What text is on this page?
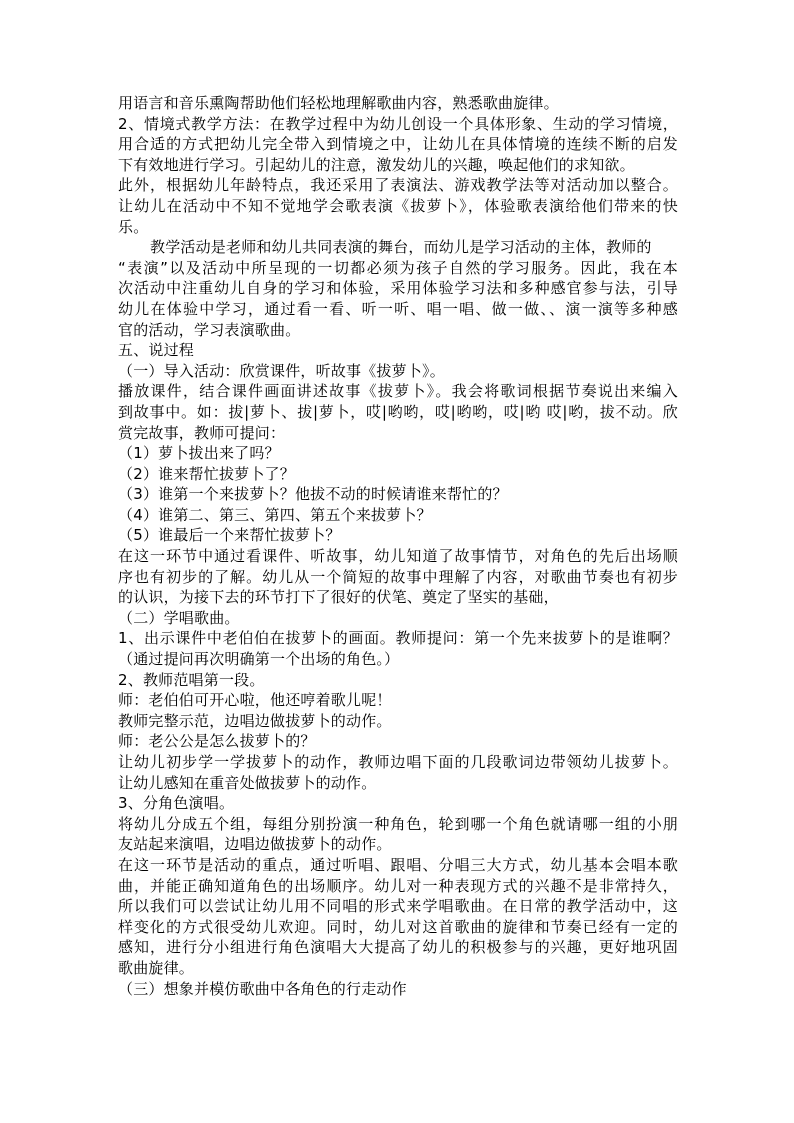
用语言和音乐熏陶帮助他们轻松地理解歌曲内容，熟悉歌曲旋律。
2、情境式教学方法：在教学过程中为幼儿创设一个具体形象、生动的学习情境，
用合适的方式把幼儿完全带入到情境之中，让幼儿在具体情境的连续不断的启发
下有效地进行学习。引起幼儿的注意，激发幼儿的兴趣，唤起他们的求知欲。
此外，根据幼儿年龄特点，我还采用了表演法、游戏教学法等对活动加以整合。
让幼儿在活动中不知不觉地学会歌表演《拔萝卜》，体验歌表演给他们带来的快
乐。
教学活动是老师和幼儿共同表演的舞台，而幼儿是学习活动的主体，教师的
“表演”以及活动中所呈现的一切都必须为孩子自然的学习服务。因此，我在本
次活动中注重幼儿自身的学习和体验，采用体验学习法和多种感官参与法，引导
幼儿在体验中学习，通过看一看、听一听、唱一唱、做一做、、演一演等多种感
官的活动，学习表演歌曲。
五、说过程
（一）导入活动：欣赏课件，听故事《拔萝卜》。
播放课件，结合课件画面讲述故事《拔萝卜》。我会将歌词根据节奏说出来编入
到故事中。如：拔|萝卜、拔|萝卜，哎|哟哟，哎|哟哟，哎|哟 哎|哟，拔不动。欣
赏完故事，教师可提问：
（1）萝卜拔出来了吗？
（2）谁来帮忙拔萝卜了？
（3）谁第一个来拔萝卜？他拔不动的时候请谁来帮忙的？
（4）谁第二、第三、第四、第五个来拔萝卜？
（5）谁最后一个来帮忙拔萝卜？
在这一环节中通过看课件、听故事，幼儿知道了故事情节，对角色的先后出场顺
序也有初步的了解。幼儿从一个简短的故事中理解了内容，对歌曲节奏也有初步
的认识，为接下去的环节打下了很好的伏笔、奠定了坚实的基础，
（二）学唱歌曲。
1、出示课件中老伯伯在拔萝卜的画面。教师提问：第一个先来拔萝卜的是谁啊？
（通过提问再次明确第一个出场的角色。）
2、教师范唱第一段。
师：老伯伯可开心啦，他还哼着歌儿呢！
教师完整示范，边唱边做拔萝卜的动作。
师：老公公是怎么拔萝卜的？
让幼儿初步学一学拔萝卜的动作，教师边唱下面的几段歌词边带领幼儿拔萝卜。
让幼儿感知在重音处做拔萝卜的动作。
3、分角色演唱。
将幼儿分成五个组，每组分别扮演一种角色，轮到哪一个角色就请哪一组的小朋
友站起来演唱，边唱边做拔萝卜的动作。
在这一环节是活动的重点，通过听唱、跟唱、分唱三大方式，幼儿基本会唱本歌
曲，并能正确知道角色的出场顺序。幼儿对一种表现方式的兴趣不是非常持久，
所以我们可以尝试让幼儿用不同唱的形式来学唱歌曲。在日常的教学活动中，这
样变化的方式很受幼儿欢迎。同时，幼儿对这首歌曲的旋律和节奏已经有一定的
感知，进行分小组进行角色演唱大大提高了幼儿的积极参与的兴趣，更好地巩固
歌曲旋律。
（三）想象并模仿歌曲中各角色的行走动作
